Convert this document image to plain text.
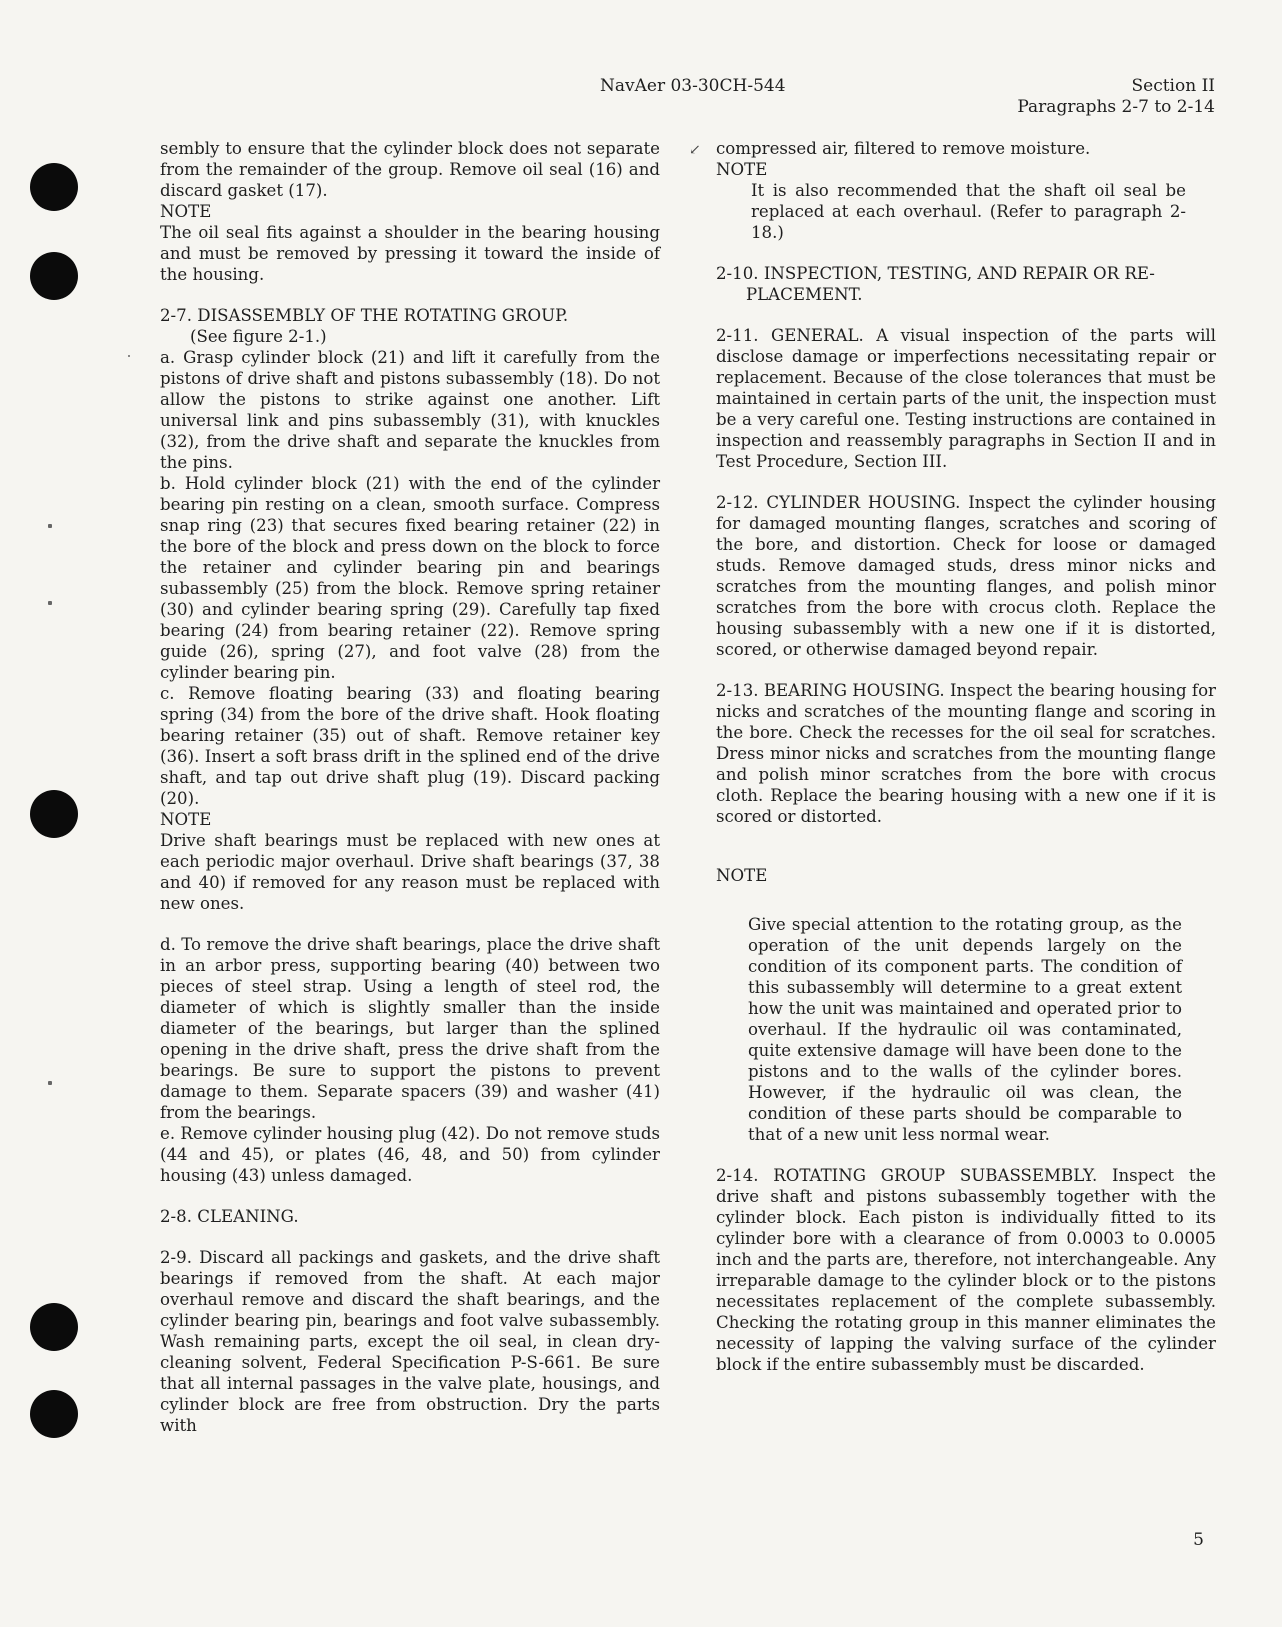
↙
NavAer 03-30CH-544	Section II
Paragraphs 2-7 to 2-14

sembly to ensure that the cylinder block does not separate from the remainder of the group. Remove oil seal (16) and discard gasket (17).

NOTE

The oil seal fits against a shoulder in the bearing housing and must be removed by pressing it toward the inside of the housing.

2-7. DISASSEMBLY OF THE ROTATING GROUP.
(See figure 2-1.)

a. Grasp cylinder block (21) and lift it carefully from the pistons of drive shaft and pistons subassembly (18). Do not allow the pistons to strike against one another. Lift universal link and pins subassembly (31), with knuckles (32), from the drive shaft and separate the knuckles from the pins.

b. Hold cylinder block (21) with the end of the cylinder bearing pin resting on a clean, smooth surface. Compress snap ring (23) that secures fixed bearing retainer (22) in the bore of the block and press down on the block to force the retainer and cylinder bearing pin and bearings subassembly (25) from the block. Remove spring retainer (30) and cylinder bearing spring (29). Carefully tap fixed bearing (24) from bearing retainer (22). Remove spring guide (26), spring (27), and foot valve (28) from the cylinder bearing pin.

c. Remove floating bearing (33) and floating bearing spring (34) from the bore of the drive shaft. Hook floating bearing retainer (35) out of shaft. Remove retainer key (36). Insert a soft brass drift in the splined end of the drive shaft, and tap out drive shaft plug (19). Discard packing (20).

NOTE

Drive shaft bearings must be replaced with new ones at each periodic major overhaul. Drive shaft bearings (37, 38 and 40) if removed for any reason must be replaced with new ones.

d. To remove the drive shaft bearings, place the drive shaft in an arbor press, supporting bearing (40) between two pieces of steel strap. Using a length of steel rod, the diameter of which is slightly smaller than the inside diameter of the bearings, but larger than the splined opening in the drive shaft, press the drive shaft from the bearings. Be sure to support the pistons to prevent damage to them. Separate spacers (39) and washer (41) from the bearings.

e. Remove cylinder housing plug (42). Do not remove studs (44 and 45), or plates (46, 48, and 50) from cylinder housing (43) unless damaged.

2-8. CLEANING.

2-9. Discard all packings and gaskets, and the drive shaft bearings if removed from the shaft. At each major overhaul remove and discard the shaft bearings, and the cylinder bearing pin, bearings and foot valve subassembly. Wash remaining parts, except the oil seal, in clean dry-cleaning solvent, Federal Specification P-S-661. Be sure that all internal passages in the valve plate, housings, and cylinder block are free from obstruction. Dry the parts with

compressed air, filtered to remove moisture.

NOTE

It is also recommended that the shaft oil seal be replaced at each overhaul. (Refer to paragraph 2-18.)

2-10. INSPECTION, TESTING, AND REPAIR OR RE-
PLACEMENT.

2-11. GENERAL. A visual inspection of the parts will disclose damage or imperfections necessitating repair or replacement. Because of the close tolerances that must be maintained in certain parts of the unit, the inspection must be a very careful one. Testing instructions are contained in inspection and reassembly paragraphs in Section II and in Test Procedure, Section III.

2-12. CYLINDER HOUSING. Inspect the cylinder housing for damaged mounting flanges, scratches and scoring of the bore, and distortion. Check for loose or damaged studs. Remove damaged studs, dress minor nicks and scratches from the mounting flanges, and polish minor scratches from the bore with crocus cloth. Replace the housing subassembly with a new one if it is distorted, scored, or otherwise damaged beyond repair.

2-13. BEARING HOUSING. Inspect the bearing housing for nicks and scratches of the mounting flange and scoring in the bore. Check the recesses for the oil seal for scratches. Dress minor nicks and scratches from the mounting flange and polish minor scratches from the bore with crocus cloth. Replace the bearing housing with a new one if it is scored or distorted.

NOTE

Give special attention to the rotating group, as the operation of the unit depends largely on the condition of its component parts. The condition of this subassembly will determine to a great extent how the unit was maintained and operated prior to overhaul. If the hydraulic oil was contaminated, quite extensive damage will have been done to the pistons and to the walls of the cylinder bores. However, if the hydraulic oil was clean, the condition of these parts should be comparable to that of a new unit less normal wear.

2-14. ROTATING GROUP SUBASSEMBLY. Inspect the drive shaft and pistons subassembly together with the cylinder block. Each piston is individually fitted to its cylinder bore with a clearance of from 0.0003 to 0.0005 inch and the parts are, therefore, not interchangeable. Any irreparable damage to the cylinder block or to the pistons necessitates replacement of the complete subassembly. Checking the rotating group in this manner eliminates the necessity of lapping the valving surface of the cylinder block if the entire subassembly must be discarded.

5
